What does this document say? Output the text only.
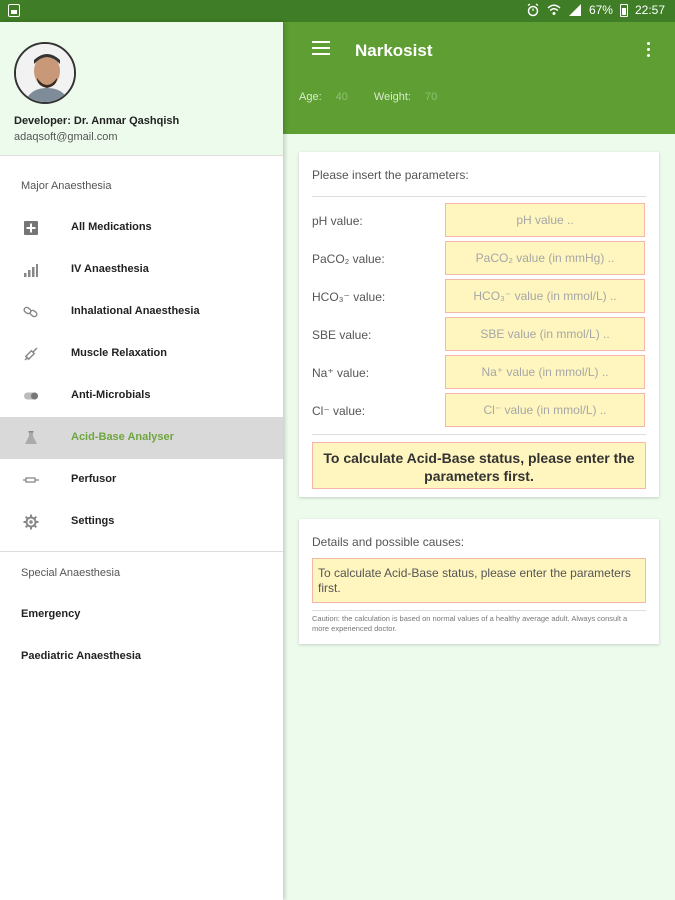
67% 22:57
Narkosist
Age: 40 Weight: 70
Please insert the parameters:
pH value:
pH value ..
PaCO₂ value:
PaCO₂ value (in mmHg) ..
HCO₃⁻ value:
HCO₃⁻ value (in mmol/L) ..
SBE value:
SBE value (in mmol/L) ..
Na⁺ value:
Na⁺ value (in mmol/L) ..
Cl⁻ value:
Cl⁻ value (in mmol/L) ..
To calculate Acid-Base status, please enter the parameters first.
Details and possible causes:
To calculate Acid-Base status, please enter the parameters first.
Caution: the calculation is based on normal values of a healthy average adult. Always consult a more experienced doctor.
Developer: Dr. Anmar Qashqish
adaqsoft@gmail.com
Major Anaesthesia
All Medications
IV Anaesthesia
Inhalational Anaesthesia
Muscle Relaxation
Anti-Microbials
Acid-Base Analyser
Perfusor
Settings
Special Anaesthesia
Emergency
Paediatric Anaesthesia
